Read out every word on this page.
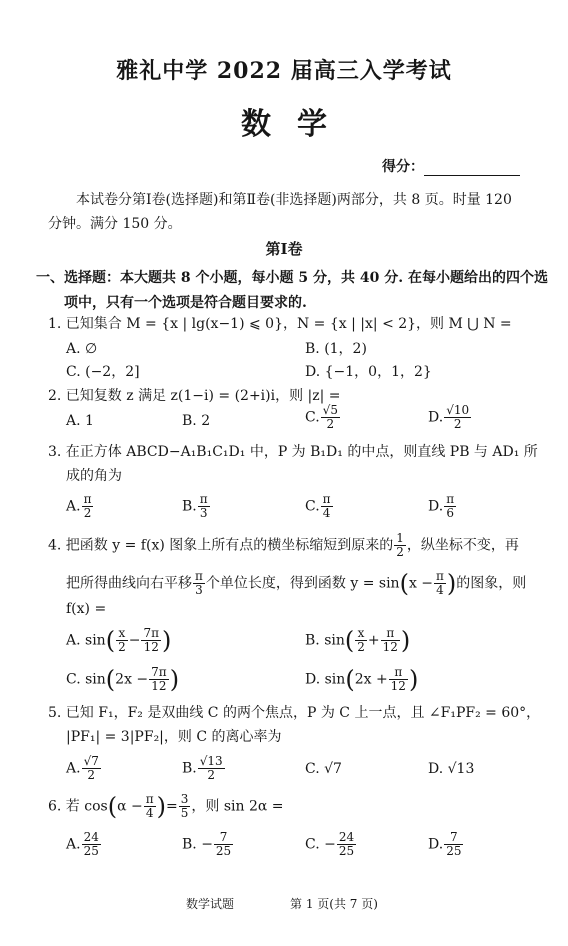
雅礼中学 2022 届高三入学考试
数学
得分：
本试卷分第Ⅰ卷(选择题)和第Ⅱ卷(非选择题)两部分，共 8 页。时量 120 分钟。满分 150 分。
第Ⅰ卷
一、选择题：本大题共 8 个小题，每小题 5 分，共 40 分. 在每小题给出的四个选项中，只有一个选项是符合题目要求的.
1. 已知集合 M = {x | lg(x−1) ⩽ 0}，N = {x | |x| < 2}，则 M ⋃ N =
A. ∅	B. (1，2)
C. (−2，2]	D. {−1，0，1，2}
2. 已知复数 z 满足 z(1−i) = (2+i)i，则 |z| =
A. 1	B. 2	C. $\frac{√5}{2}$	D. $\frac{√10}{2}$
3. 在正方体 ABCD−A₁B₁C₁D₁ 中，P 为 B₁D₁ 的中点，则直线 PB 与 AD₁ 所
成的角为
A. $\frac{\pi}{2}$	B. $\frac{\pi}{3}$	C. $\frac{\pi}{4}$	D. $\frac{\pi}{6}$
4. 把函数 y = f(x) 图象上所有点的横坐标缩短到原来的 $\frac{1}{2}$ ，纵坐标不变，再
把所得曲线向右平移 $\frac{\pi}{3}$ 个单位长度，得到函数 $y = \sin(x - \frac{\pi}{4}$ )的图象，则
f(x) =
A. $\sin( \frac{x}{2} - \frac{7\pi}{12}$ )	B. $\sin( \frac{x}{2} + \frac{\pi}{12}$ )
C. $\sin(2x - \frac{7\pi}{12}$ )	D. $\sin(2x + \frac{\pi}{12}$ )
5. 已知 F₁，F₂ 是双曲线 C 的两个焦点，P 为 C 上一点，且 ∠F₁PF₂ = 60°，
|PF₁| = 3|PF₂|，则 C 的离心率为
A. $\frac{√7}{2}$	B. $\frac{√13}{2}$	C. √7	D. √13
6. 若 $\cos(\alpha - \frac{\pi}{4}$ )= $\frac{3}{5}$ ，则 sin 2α =
A. $\frac{24}{25}$	B. − $\frac{7}{25}$	C. − $\frac{24}{25}$	D. $\frac{7}{25}$
数学试题	第 1 页(共 7 页)
